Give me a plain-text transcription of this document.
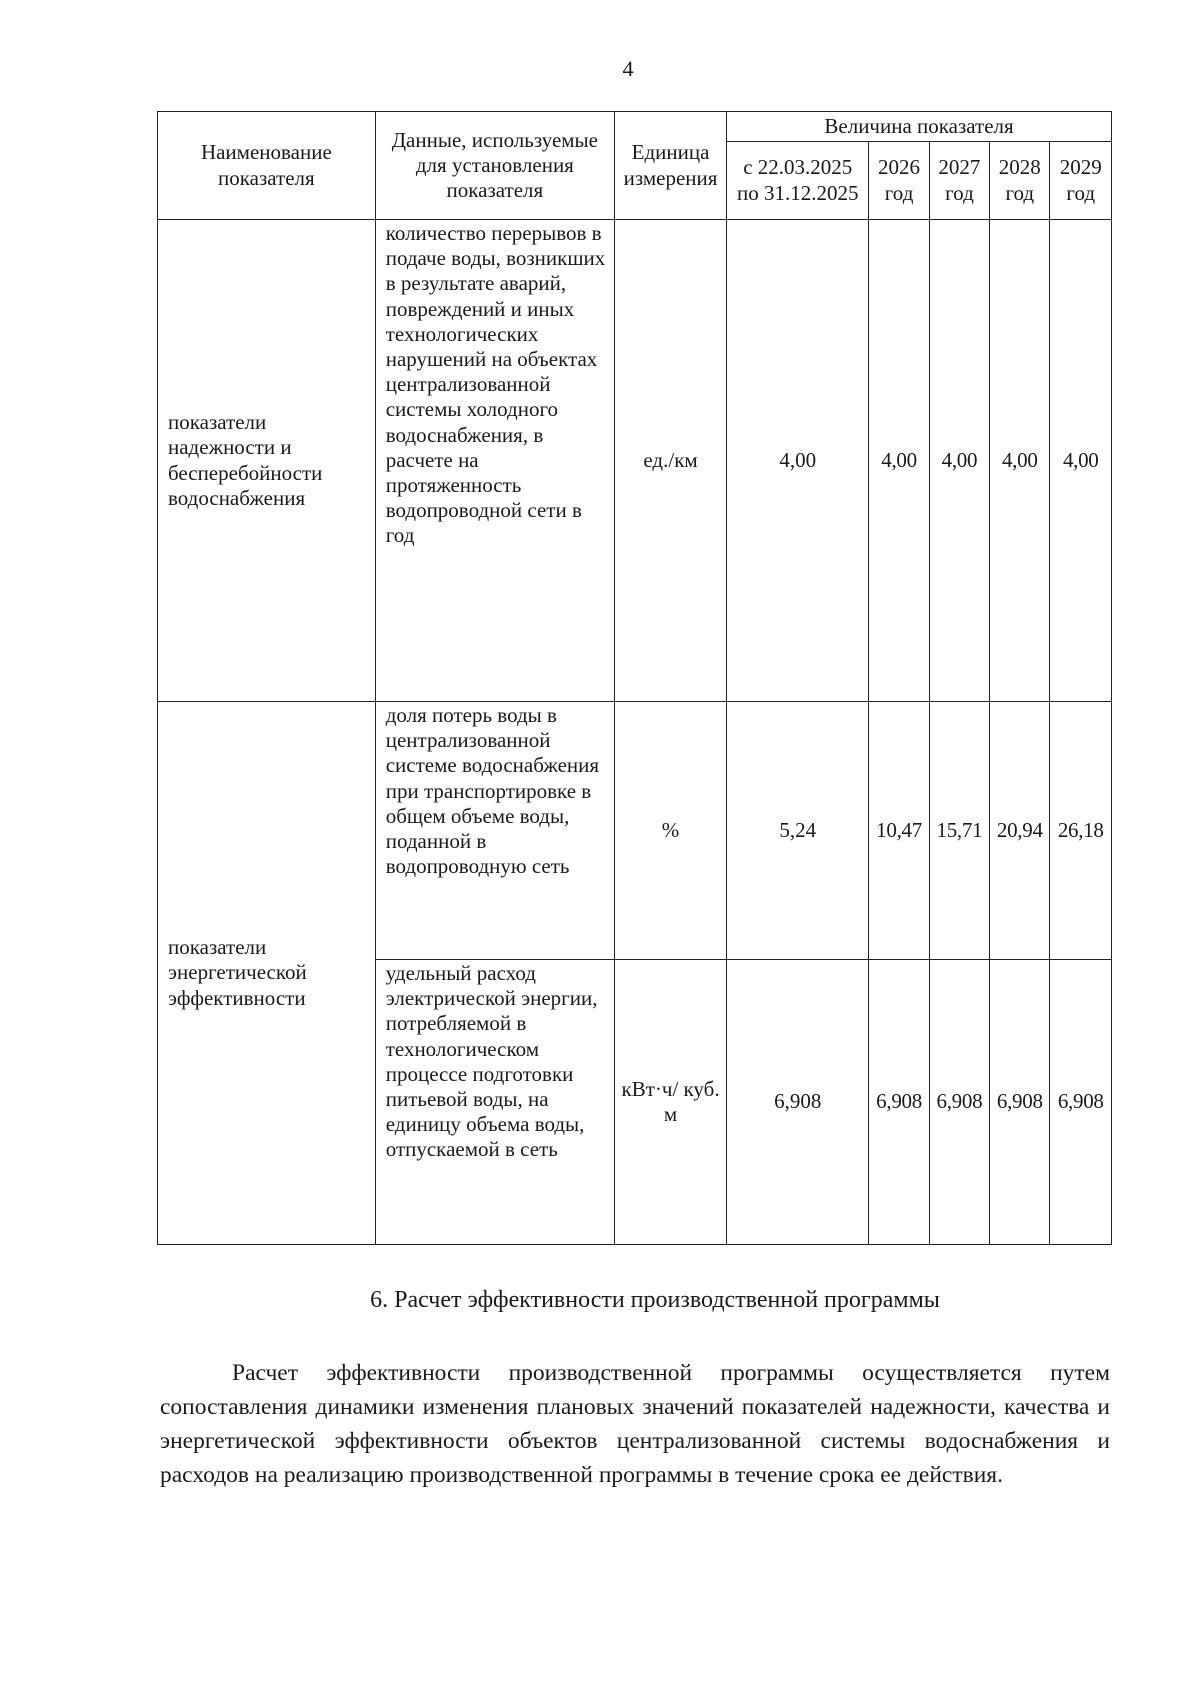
4
Наименование показателя	Данные, используемые для установления показателя	Единица измерения	Величина показателя				
			с 22.03.2025 по 31.12.2025	2026 год	2027 год	2028 год	2029 год
показатели надежности и бесперебойности водоснабжения	количество перерывов в подаче воды, возникших в результате аварий, повреждений и иных технологических нарушений на объектах централизованной системы холодного водоснабжения, в расчете на протяженность водопроводной сети в год	ед./км	4,00	4,00	4,00	4,00	4,00
показатели энергетической эффективности	доля потерь воды в централизованной системе водоснабжения при транспортировке в общем объеме воды, поданной в водопроводную сеть	%	5,24	10,47	15,71	20,94	26,18
	удельный расход электрической энергии, потребляемой в технологическом процессе подготовки питьевой воды, на единицу объема воды, отпускаемой в сеть	кВт·ч/ куб. м	6,908	6,908	6,908	6,908	6,908
6. Расчет эффективности производственной программы

Расчет эффективности производственной программы осуществляется путем сопоставления динамики изменения плановых значений показателей надежности, качества и энергетической эффективности объектов централизованной системы водоснабжения и расходов на реализацию производственной программы в течение срока ее действия.
